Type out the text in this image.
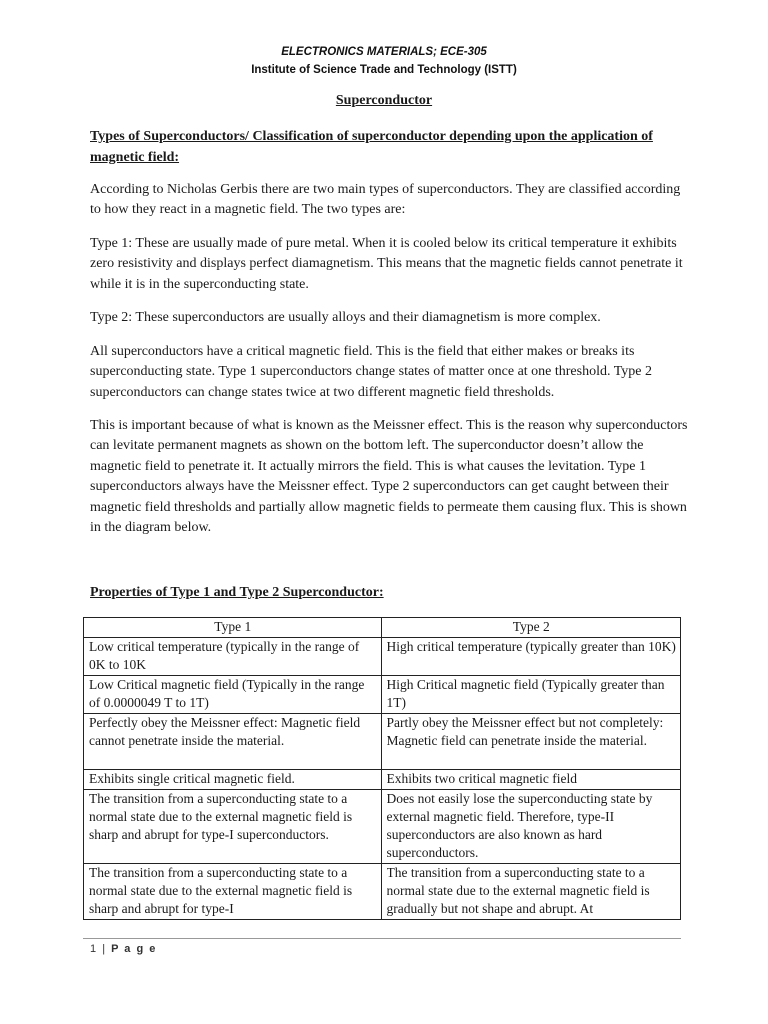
ELECTRONICS MATERIALS; ECE-305
Institute of Science Trade and Technology (ISTT)
Superconductor
Types of Superconductors/ Classification of superconductor depending upon the application of magnetic field:

According to Nicholas Gerbis there are two main types of superconductors. They are classified according to how they react in a magnetic field. The two types are:

Type 1: These are usually made of pure metal. When it is cooled below its critical temperature it exhibits zero resistivity and displays perfect diamagnetism. This means that the magnetic fields cannot penetrate it while it is in the superconducting state.

Type 2: These superconductors are usually alloys and their diamagnetism is more complex.

All superconductors have a critical magnetic field. This is the field that either makes or breaks its superconducting state. Type 1 superconductors change states of matter once at one threshold. Type 2 superconductors can change states twice at two different magnetic field thresholds.

This is important because of what is known as the Meissner effect. This is the reason why superconductors can levitate permanent magnets as shown on the bottom left. The superconductor doesn’t allow the magnetic field to penetrate it. It actually mirrors the field. This is what causes the levitation. Type 1 superconductors always have the Meissner effect. Type 2 superconductors can get caught between their magnetic field thresholds and partially allow magnetic fields to permeate them causing flux. This is shown in the diagram below.

Properties of Type 1 and Type 2 Superconductor:
Type 1	Type 2

Low critical temperature (typically in the range of 0K to 10K	High critical temperature (typically greater than 10K)

Low Critical magnetic field (Typically in the range of 0.0000049 T to 1T)	High Critical magnetic field (Typically greater than 1T)

Perfectly obey the Meissner effect: Magnetic field cannot penetrate inside the material.	Partly obey the Meissner effect but not completely: Magnetic field can penetrate inside the material.

Exhibits single critical magnetic field.	Exhibits two critical magnetic field

The transition from a superconducting state to a normal state due to the external magnetic field is sharp and abrupt for type-I superconductors.	Does not easily lose the superconducting state by external magnetic field. Therefore, type-II superconductors are also known as hard superconductors.

The transition from a superconducting state to a normal state due to the external magnetic field is sharp and abrupt for type-I	The transition from a superconducting state to a normal state due to the external magnetic field is gradually but not shape and abrupt. At
1 | P a g e
